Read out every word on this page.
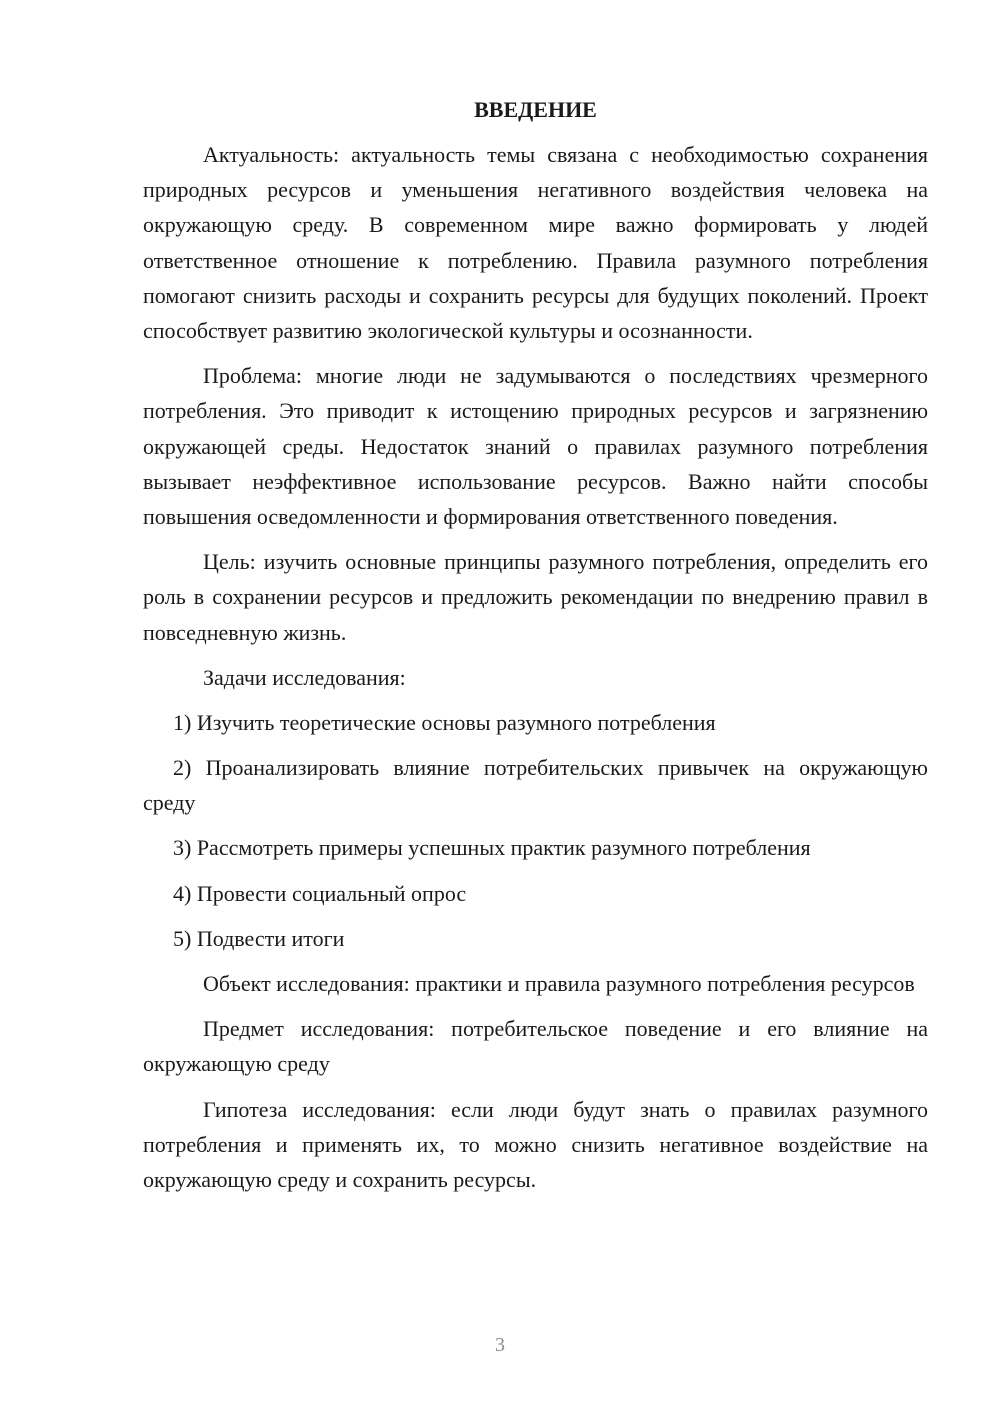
ВВЕДЕНИЕ

Актуальность: актуальность темы связана с необходимостью сохранения природных ресурсов и уменьшения негативного воздействия человека на окружающую среду. В современном мире важно формировать у людей ответственное отношение к потреблению. Правила разумного потребления помогают снизить расходы и сохранить ресурсы для будущих поколений. Проект способствует развитию экологической культуры и осознанности.

Проблема: многие люди не задумываются о последствиях чрезмерного потребления. Это приводит к истощению природных ресурсов и загрязнению окружающей среды. Недостаток знаний о правилах разумного потребления вызывает неэффективное использование ресурсов. Важно найти способы повышения осведомленности и формирования ответственного поведения.

Цель: изучить основные принципы разумного потребления, определить его роль в сохранении ресурсов и предложить рекомендации по внедрению правил в повседневную жизнь.

Задачи исследования:

1) Изучить теоретические основы разумного потребления

2) Проанализировать влияние потребительских привычек на окружающую среду

3) Рассмотреть примеры успешных практик разумного потребления

4) Провести социальный опрос

5) Подвести итоги

Объект исследования: практики и правила разумного потребления ресурсов

Предмет исследования: потребительское поведение и его влияние на окружающую среду

Гипотеза исследования: если люди будут знать о правилах разумного потребления и применять их, то можно снизить негативное воздействие на окружающую среду и сохранить ресурсы.

3
